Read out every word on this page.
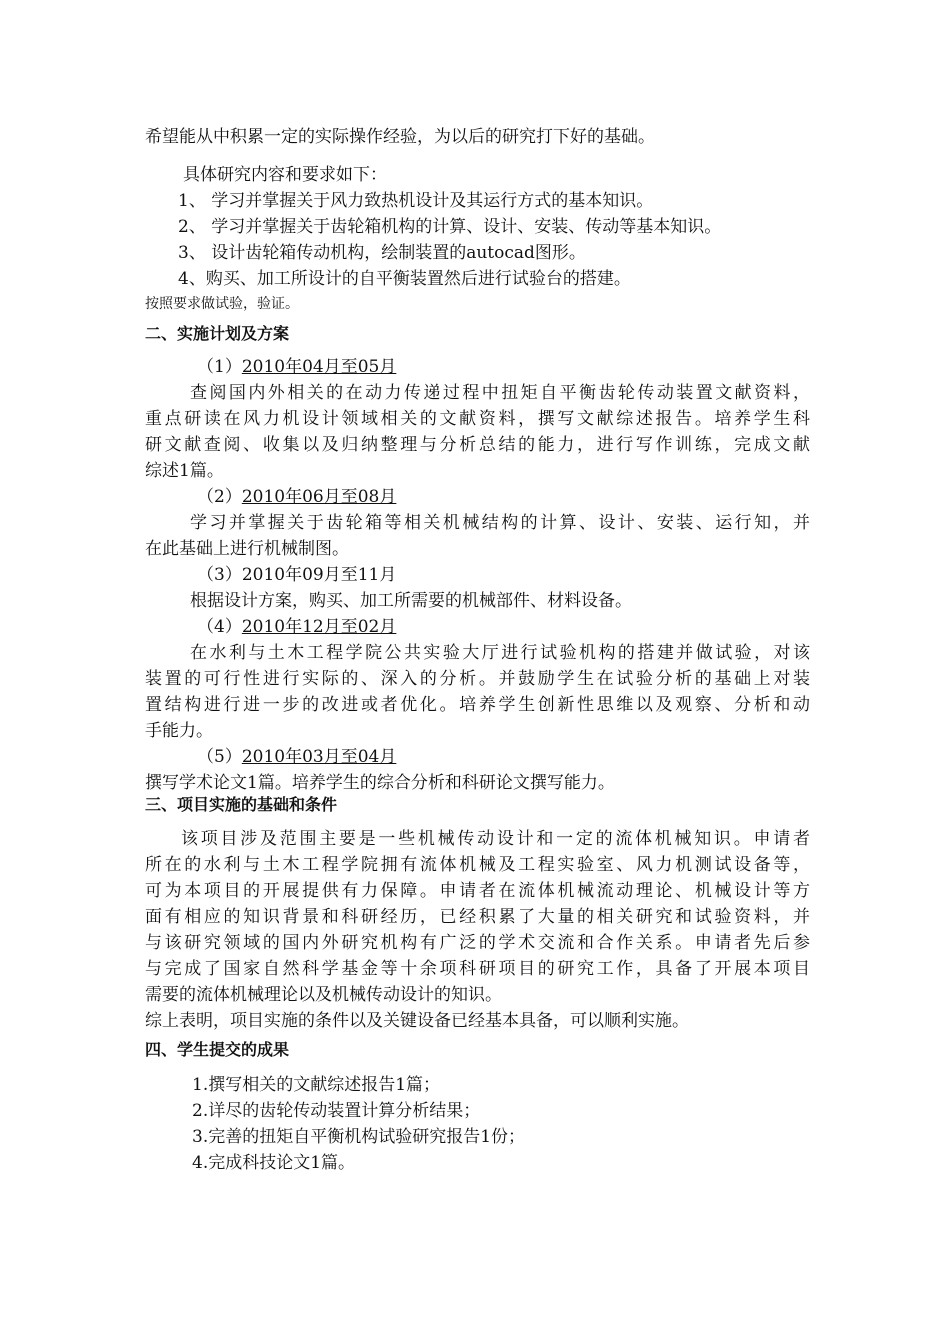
希望能从中积累一定的实际操作经验，为以后的研究打下好的基础。
具体研究内容和要求如下：
1、 学习并掌握关于风力致热机设计及其运行方式的基本知识。
2、 学习并掌握关于齿轮箱机构的计算、设计、安装、传动等基本知识。
3、 设计齿轮箱传动机构，绘制装置的autocad图形。
4、购买、加工所设计的自平衡装置然后进行试验台的搭建。
按照要求做试验，验证。
二、实施计划及方案
（1）2010年04月至05月
查阅国内外相关的在动力传递过程中扭矩自平衡齿轮传动装置文献资料，
重点研读在风力机设计领域相关的文献资料，撰写文献综述报告。培养学生科
研文献查阅、收集以及归纳整理与分析总结的能力，进行写作训练，完成文献
综述1篇。
（2）2010年06月至08月
学习并掌握关于齿轮箱等相关机械结构的计算、设计、安装、运行知，并
在此基础上进行机械制图。
（3）2010年09月至11月
根据设计方案，购买、加工所需要的机械部件、材料设备。
（4）2010年12月至02月
在水利与土木工程学院公共实验大厅进行试验机构的搭建并做试验，对该
装置的可行性进行实际的、深入的分析。并鼓励学生在试验分析的基础上对装
置结构进行进一步的改进或者优化。培养学生创新性思维以及观察、分析和动
手能力。
（5）2010年03月至04月
撰写学术论文1篇。培养学生的综合分析和科研论文撰写能力。
三、项目实施的基础和条件
该项目涉及范围主要是一些机械传动设计和一定的流体机械知识。申请者
所在的水利与土木工程学院拥有流体机械及工程实验室、风力机测试设备等，
可为本项目的开展提供有力保障。申请者在流体机械流动理论、机械设计等方
面有相应的知识背景和科研经历，已经积累了大量的相关研究和试验资料，并
与该研究领域的国内外研究机构有广泛的学术交流和合作关系。申请者先后参
与完成了国家自然科学基金等十余项科研项目的研究工作，具备了开展本项目
需要的流体机械理论以及机械传动设计的知识。
综上表明，项目实施的条件以及关键设备已经基本具备，可以顺利实施。
四、学生提交的成果
1.撰写相关的文献综述报告1篇；
2.详尽的齿轮传动装置计算分析结果；
3.完善的扭矩自平衡机构试验研究报告1份；
4.完成科技论文1篇。
